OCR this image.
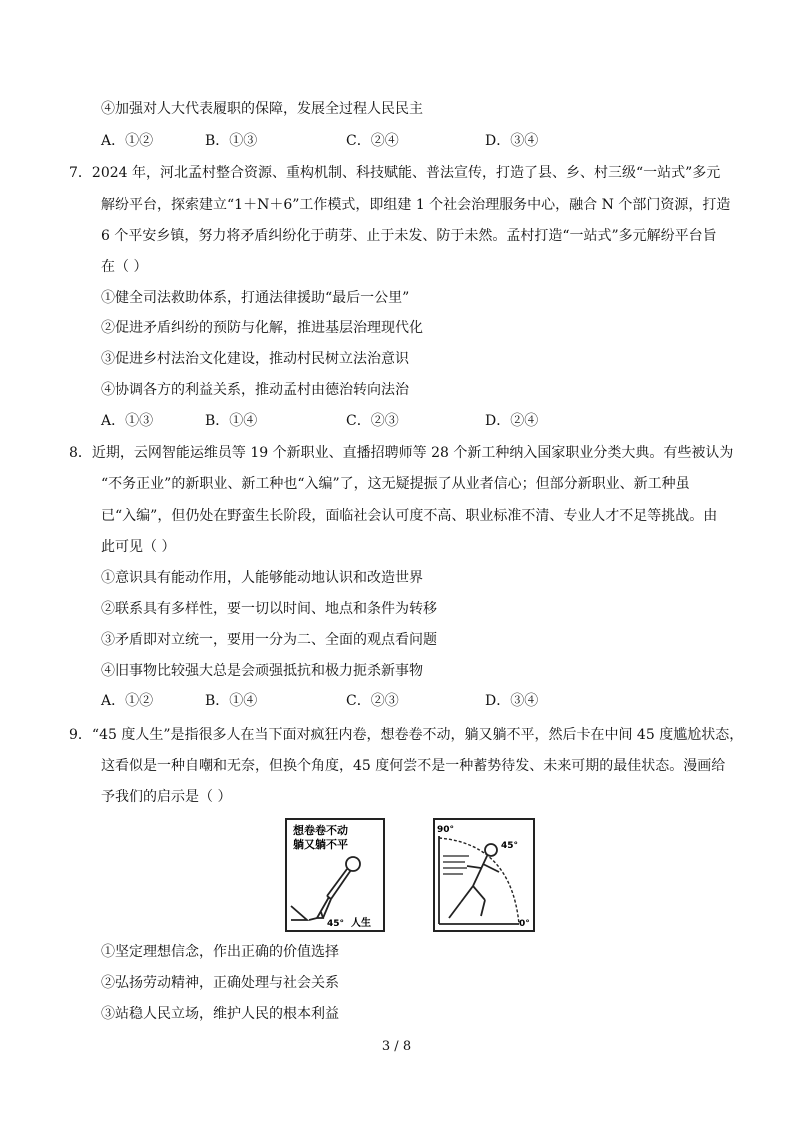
④加强对人大代表履职的保障，发展全过程人民民主
A．①②	B．①③	C．②④	D．③④
7．2024 年，河北孟村整合资源、重构机制、科技赋能、普法宣传，打造了县、乡、村三级“一站式”多元
解纷平台，探索建立“1＋N＋6”工作模式，即组建 1 个社会治理服务中心，融合 N 个部门资源，打造
6 个平安乡镇，努力将矛盾纠纷化于萌芽、止于未发、防于未然。孟村打造“一站式”多元解纷平台旨
在（ ）
①健全司法救助体系，打通法律援助“最后一公里”
②促进矛盾纠纷的预防与化解，推进基层治理现代化
③促进乡村法治文化建设，推动村民树立法治意识
④协调各方的利益关系，推动孟村由德治转向法治
A．①③	B．①④	C．②③	D．②④
8．近期，云网智能运维员等 19 个新职业、直播招聘师等 28 个新工种纳入国家职业分类大典。有些被认为
“不务正业”的新职业、新工种也“入编”了，这无疑提振了从业者信心；但部分新职业、新工种虽
已“入编”，但仍处在野蛮生长阶段，面临社会认可度不高、职业标准不清、专业人才不足等挑战。由
此可见（ ）
①意识具有能动作用，人能够能动地认识和改造世界
②联系具有多样性，要一切以时间、地点和条件为转移
③矛盾即对立统一，要用一分为二、全面的观点看问题
④旧事物比较强大总是会顽强抵抗和极力扼杀新事物
A．①②	B．①④	C．②③	D．③④
9．“45 度人生”是指很多人在当下面对疯狂内卷，想卷卷不动，躺又躺不平，然后卡在中间 45 度尴尬状态，
这看似是一种自嘲和无奈，但换个角度，45 度何尝不是一种蓄势待发、未来可期的最佳状态。漫画给
予我们的启示是（ ）
想卷卷不动
躺又躺不平
45° 人生
90°
45°
0°
①坚定理想信念，作出正确的价值选择
②弘扬劳动精神，正确处理与社会关系
③站稳人民立场，维护人民的根本利益
3 / 8
